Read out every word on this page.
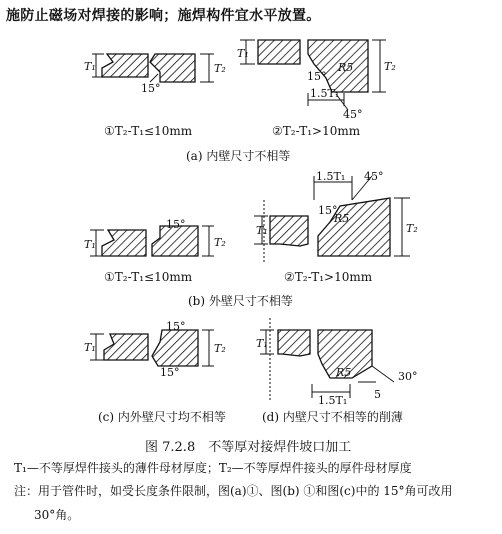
施防止磁场对焊接的影响；施焊构件宜水平放置。
T₁	T₂
15°
T₁
T₂
15°
R5
1.5T₁
45°
T₁	T₂
15°	T₁	T₂
1.5T₁ 45°
15°
R5
T₁	T₂
15°
15°
T₁
R5
1.5T₁ 5
30°
①T₂-T₁≤10mm	②T₂-T₁>10mm
(a) 内壁尺寸不相等
①T₂-T₁≤10mm	②T₂-T₁>10mm
(b) 外壁尺寸不相等
(c) 内外壁尺寸均不相等	(d) 内壁尺寸不相等的削薄
图 7.2.8　不等厚对接焊件坡口加工
T₁—不等厚焊件接头的薄件母材厚度；T₂—不等厚焊件接头的厚件母材厚度
注：用于管件时，如受长度条件限制，图(a)①、图(b) ①和图(c)中的 15°角可改用
30°角。
